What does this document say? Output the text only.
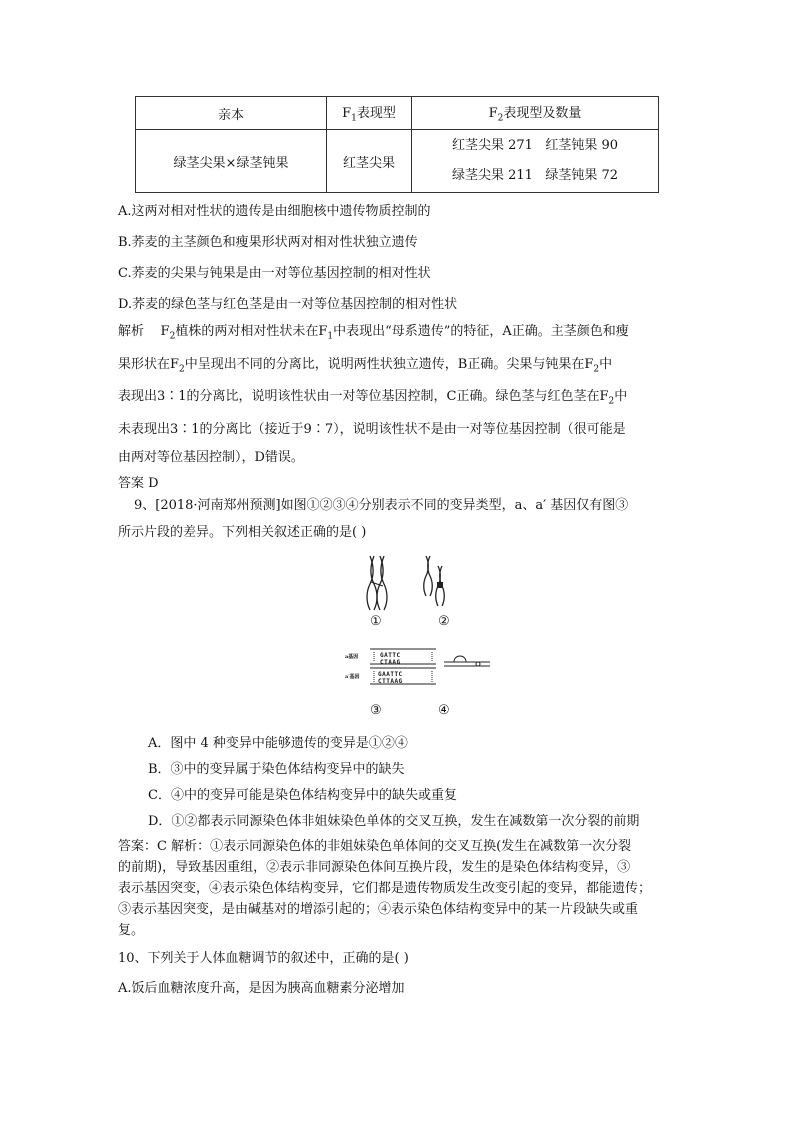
亲本	$F_1$表现型	$F_2$表现型及数量
绿茎尖果×绿茎钝果	红茎尖果	红茎尖果 271   红茎钝果 90
绿茎尖果 211   绿茎钝果 72
A.这两对相对性状的遗传是由细胞核中遗传物质控制的
B.荞麦的主茎颜色和瘦果形状两对相对性状独立遗传
C.荞麦的尖果与钝果是由一对等位基因控制的相对性状
D.荞麦的绿色茎与红色茎是由一对等位基因控制的相对性状
解析 $F_2$植株的两对相对性状未在$F_1$中表现出“母系遗传”的特征，A正确。主茎颜色和瘦
果形状在$F_2$中呈现出不同的分离比，说明两性状独立遗传，B正确。尖果与钝果在$F_2$中
表现出3∶1的分离比，说明该性状由一对等位基因控制，C正确。绿色茎与红色茎在$F_2$中
未表现出3∶1的分离比（接近于9∶7），说明该性状不是由一对等位基因控制（很可能是
由两对等位基因控制），D错误。
答案 D
9、[2018·河南郑州预测]如图①②③④分别表示不同的变异类型，a、a′ 基因仅有图③
所示片段的差异。下列相关叙述正确的是( )
①	②
a基因
a′基因
GATTC
CTAAG
GAATTC
CTTAAG
③	④
A．图中 4 种变异中能够遗传的变异是①②④
B．③中的变异属于染色体结构变异中的缺失
C．④中的变异可能是染色体结构变异中的缺失或重复
D．①②都表示同源染色体非姐妹染色单体的交叉互换，发生在减数第一次分裂的前期
答案：C 解析：①表示同源染色体的非姐妹染色单体间的交叉互换(发生在减数第一次分裂
的前期)，导致基因重组，②表示非同源染色体间互换片段，发生的是染色体结构变异，③
表示基因突变，④表示染色体结构变异，它们都是遗传物质发生改变引起的变异，都能遗传；
③表示基因突变，是由碱基对的增添引起的；④表示染色体结构变异中的某一片段缺失或重
复。
10、下列关于人体血糖调节的叙述中，正确的是( )
A.饭后血糖浓度升高，是因为胰高血糖素分泌增加
